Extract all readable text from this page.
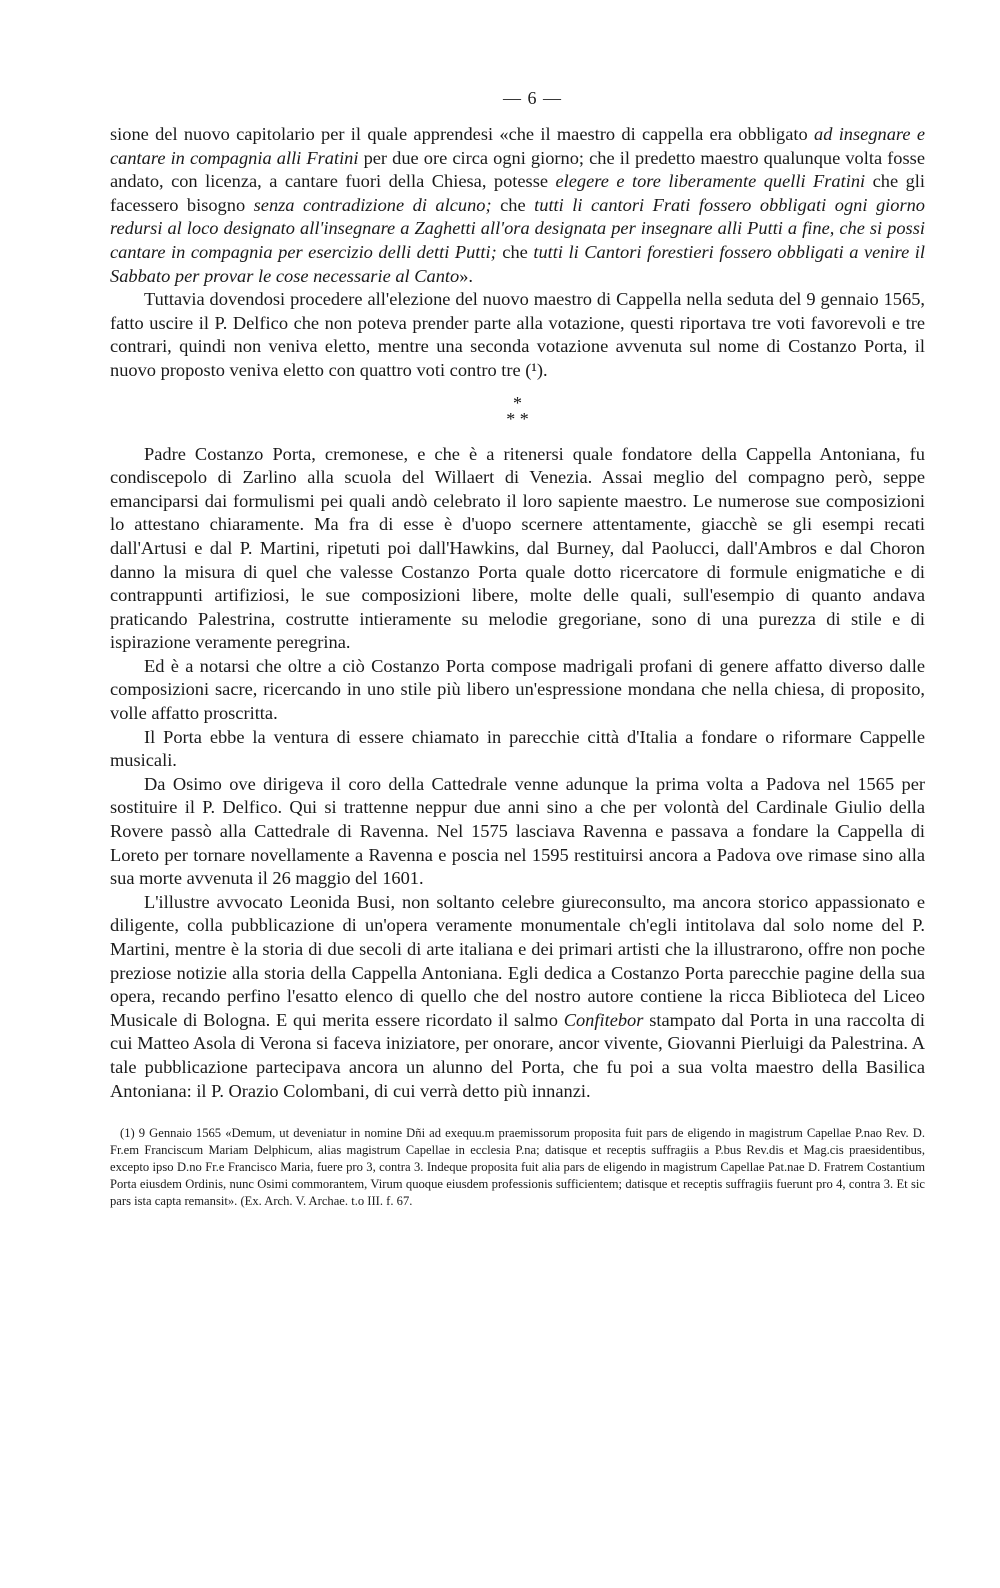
— 6 —

sione del nuovo capitolario per il quale apprendesi «che il maestro di cappella era obbligato ad insegnare e cantare in compagnia alli Fratini per due ore circa ogni giorno; che il predetto maestro qualunque volta fosse andato, con licenza, a cantare fuori della Chiesa, potesse elegere e tore liberamente quelli Fratini che gli facessero bisogno senza contradizione di alcuno; che tutti li cantori Frati fossero obbligati ogni giorno redursi al loco designato all'insegnare a Zaghetti all'ora designata per insegnare alli Putti a fine, che si possi cantare in compagnia per esercizio delli detti Putti; che tutti li Cantori forestieri fossero obbligati a venire il Sabbato per provar le cose necessarie al Canto».

Tuttavia dovendosi procedere all'elezione del nuovo maestro di Cappella nella seduta del 9 gennaio 1565, fatto uscire il P. Delfico che non poteva prender parte alla votazione, questi riportava tre voti favorevoli e tre contrari, quindi non veniva eletto, mentre una seconda votazione avvenuta sul nome di Costanzo Porta, il nuovo proposto veniva eletto con quattro voti contro tre (¹).

*
* *

Padre Costanzo Porta, cremonese, e che è a ritenersi quale fondatore della Cappella Antoniana, fu condiscepolo di Zarlino alla scuola del Willaert di Venezia. Assai meglio del compagno però, seppe emanciparsi dai formulismi pei quali andò celebrato il loro sapiente maestro. Le numerose sue composizioni lo attestano chiaramente. Ma fra di esse è d'uopo scernere attentamente, giacchè se gli esempi recati dall'Artusi e dal P. Martini, ripetuti poi dall'Hawkins, dal Burney, dal Paolucci, dall'Ambros e dal Choron danno la misura di quel che valesse Costanzo Porta quale dotto ricercatore di formule enigmatiche e di contrappunti artifiziosi, le sue composizioni libere, molte delle quali, sull'esempio di quanto andava praticando Palestrina, costrutte intieramente su melodie gregoriane, sono di una purezza di stile e di ispirazione veramente peregrina.

Ed è a notarsi che oltre a ciò Costanzo Porta compose madrigali profani di genere affatto diverso dalle composizioni sacre, ricercando in uno stile più libero un'espressione mondana che nella chiesa, di proposito, volle affatto proscritta.

Il Porta ebbe la ventura di essere chiamato in parecchie città d'Italia a fondare o riformare Cappelle musicali.

Da Osimo ove dirigeva il coro della Cattedrale venne adunque la prima volta a Padova nel 1565 per sostituire il P. Delfico. Qui si trattenne neppur due anni sino a che per volontà del Cardinale Giulio della Rovere passò alla Cattedrale di Ravenna. Nel 1575 lasciava Ravenna e passava a fondare la Cappella di Loreto per tornare novellamente a Ravenna e poscia nel 1595 restituirsi ancora a Padova ove rimase sino alla sua morte avvenuta il 26 maggio del 1601.

L'illustre avvocato Leonida Busi, non soltanto celebre giureconsulto, ma ancora storico appassionato e diligente, colla pubblicazione di un'opera veramente monumentale ch'egli intitolava dal solo nome del P. Martini, mentre è la storia di due secoli di arte italiana e dei primari artisti che la illustrarono, offre non poche preziose notizie alla storia della Cappella Antoniana. Egli dedica a Costanzo Porta parecchie pagine della sua opera, recando perfino l'esatto elenco di quello che del nostro autore contiene la ricca Biblioteca del Liceo Musicale di Bologna. E qui merita essere ricordato il salmo Confitebor stampato dal Porta in una raccolta di cui Matteo Asola di Verona si faceva iniziatore, per onorare, ancor vivente, Giovanni Pierluigi da Palestrina. A tale pubblicazione partecipava ancora un alunno del Porta, che fu poi a sua volta maestro della Basilica Antoniana: il P. Orazio Colombani, di cui verrà detto più innanzi.

(1) 9 Gennaio 1565 «Demum, ut deveniatur in nomine Dñi ad exequu.m praemissorum proposita fuit pars de eligendo in magistrum Capellae P.nao Rev. D. Fr.em Franciscum Mariam Delphicum, alias magistrum Capellae in ecclesia P.na; datisque et receptis suffragiis a P.bus Rev.dis et Mag.cis praesidentibus, excepto ipso D.no Fr.e Francisco Maria, fuere pro 3, contra 3. Indeque proposita fuit alia pars de eligendo in magistrum Capellae Pat.nae D. Fratrem Costantium Porta eiusdem Ordinis, nunc Osimi commorantem, Virum quoque eiusdem professionis sufficientem; datisque et receptis suffragiis fuerunt pro 4, contra 3. Et sic pars ista capta remansit». (Ex. Arch. V. Archae. t.o III. f. 67.
